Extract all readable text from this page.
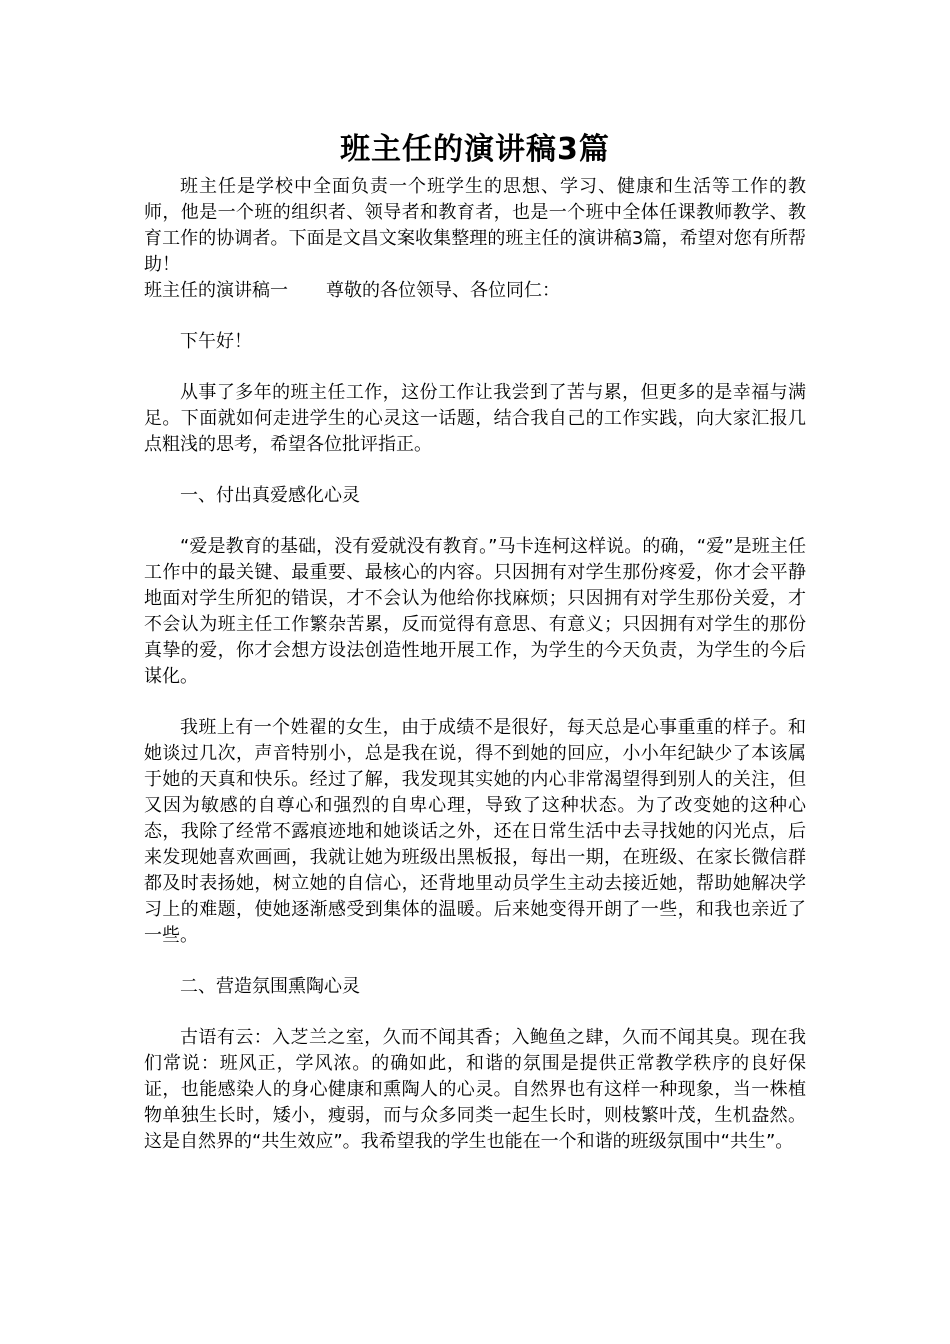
班主任的演讲稿3篇

班主任是学校中全面负责一个班学生的思想、学习、健康和生活等工作的教师，他是一个班的组织者、领导者和教育者，也是一个班中全体任课教师教学、教育工作的协调者。下面是文昌文案收集整理的班主任的演讲稿3篇，希望对您有所帮助！

班主任的演讲稿一 尊敬的各位领导、各位同仁：

下午好！

从事了多年的班主任工作，这份工作让我尝到了苦与累，但更多的是幸福与满足。下面就如何走进学生的心灵这一话题，结合我自己的工作实践，向大家汇报几点粗浅的思考，希望各位批评指正。

一、付出真爱感化心灵

“爱是教育的基础，没有爱就没有教育。”马卡连柯这样说。的确，“爱”是班主任工作中的最关键、最重要、最核心的内容。只因拥有对学生那份疼爱，你才会平静地面对学生所犯的错误，才不会认为他给你找麻烦；只因拥有对学生那份关爱，才不会认为班主任工作繁杂苦累，反而觉得有意思、有意义；只因拥有对学生的那份真挚的爱，你才会想方设法创造性地开展工作，为学生的今天负责，为学生的今后谋化。

我班上有一个姓翟的女生，由于成绩不是很好，每天总是心事重重的样子。和她谈过几次，声音特别小，总是我在说，得不到她的回应，小小年纪缺少了本该属于她的天真和快乐。经过了解，我发现其实她的内心非常渴望得到别人的关注，但又因为敏感的自尊心和强烈的自卑心理，导致了这种状态。为了改变她的这种心态，我除了经常不露痕迹地和她谈话之外，还在日常生活中去寻找她的闪光点，后来发现她喜欢画画，我就让她为班级出黑板报，每出一期，在班级、在家长微信群都及时表扬她，树立她的自信心，还背地里动员学生主动去接近她，帮助她解决学习上的难题，使她逐渐感受到集体的温暖。后来她变得开朗了一些，和我也亲近了一些。

二、营造氛围熏陶心灵

古语有云：入芝兰之室，久而不闻其香；入鲍鱼之肆，久而不闻其臭。现在我们常说：班风正，学风浓。的确如此，和谐的氛围是提供正常教学秩序的良好保证，也能感染人的身心健康和熏陶人的心灵。自然界也有这样一种现象，当一株植物单独生长时，矮小，瘦弱，而与众多同类一起生长时，则枝繁叶茂，生机盎然。这是自然界的“共生效应”。我希望我的学生也能在一个和谐的班级氛围中“共生”。
